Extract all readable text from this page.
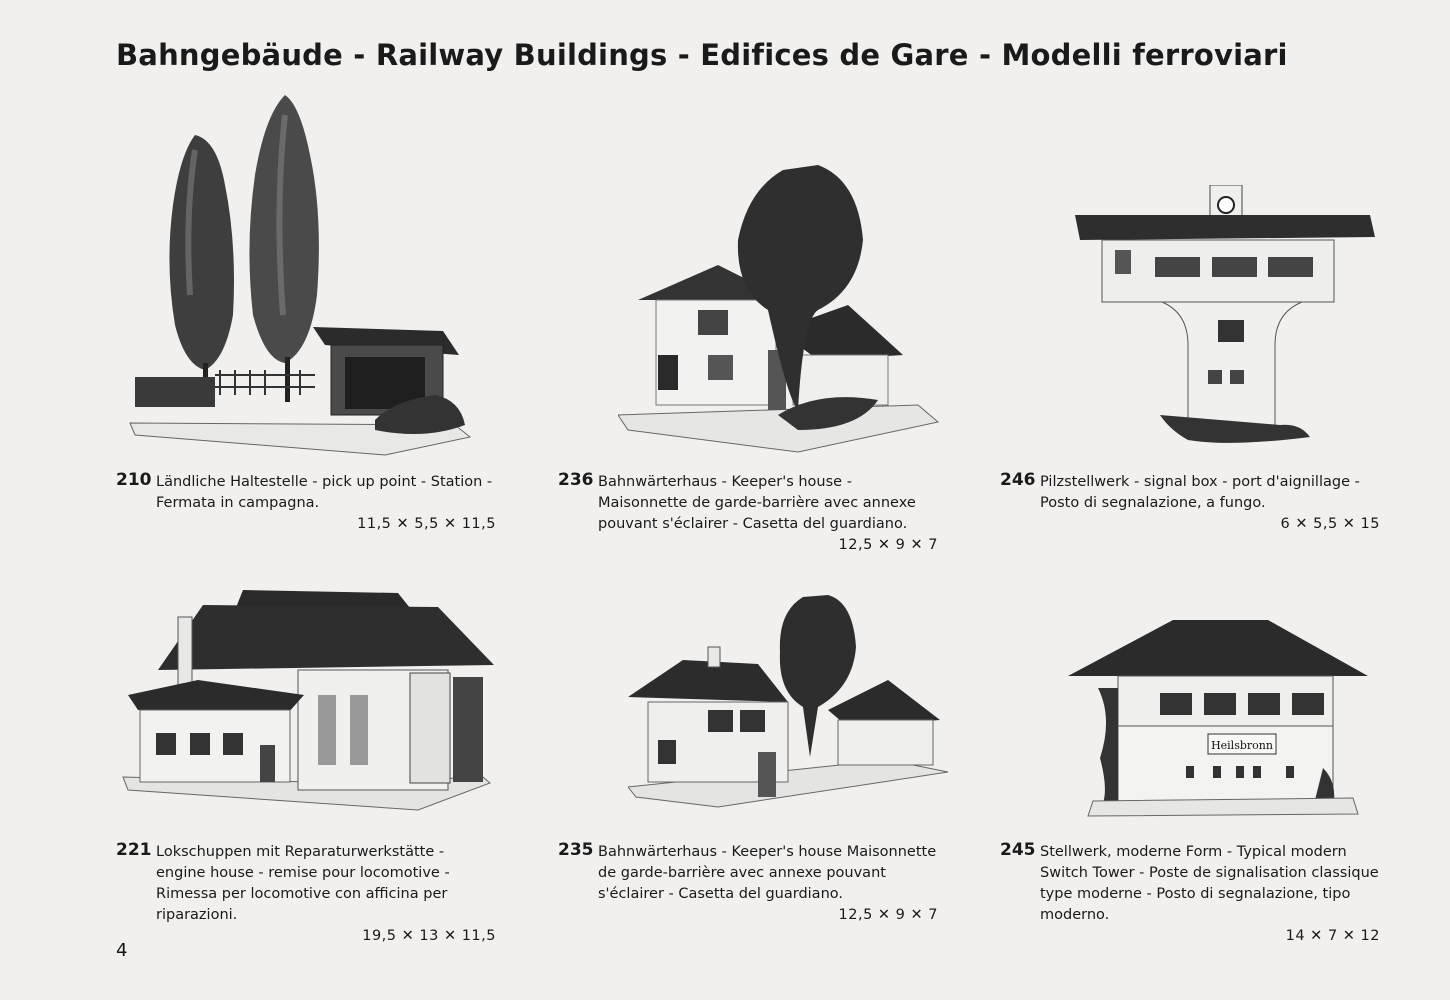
Bahngebäude - Railway Buildings - Edifices de Gare - Modelli ferroviari
210 Ländliche Haltestelle - pick up point - Station - Fermata in campagna.
11,5 ✕ 5,5 ✕ 11,5
236 Bahnwärterhaus - Keeper's house - Maisonnette de garde-barrière avec annexe pouvant s'éclairer - Casetta del guardiano.
12,5 ✕ 9 ✕ 7
246 Pilzstellwerk - signal box - port d'aignillage - Posto di segnalazione, a fungo.
6 ✕ 5,5 ✕ 15
221 Lokschuppen mit Reparaturwerkstätte - engine house - remise pour locomotive - Rimessa per locomotive con afficina per riparazioni.
19,5 ✕ 13 ✕ 11,5
235 Bahnwärterhaus - Keeper's house Maisonnette de garde-barrière avec annexe pouvant s'éclairer - Casetta del guardiano.
12,5 ✕ 9 ✕ 7
Heilsbronn
245 Stellwerk, moderne Form - Typical modern Switch Tower - Poste de signalisation classique type moderne - Posto di segnalazione, tipo moderno.
14 ✕ 7 ✕ 12
4
